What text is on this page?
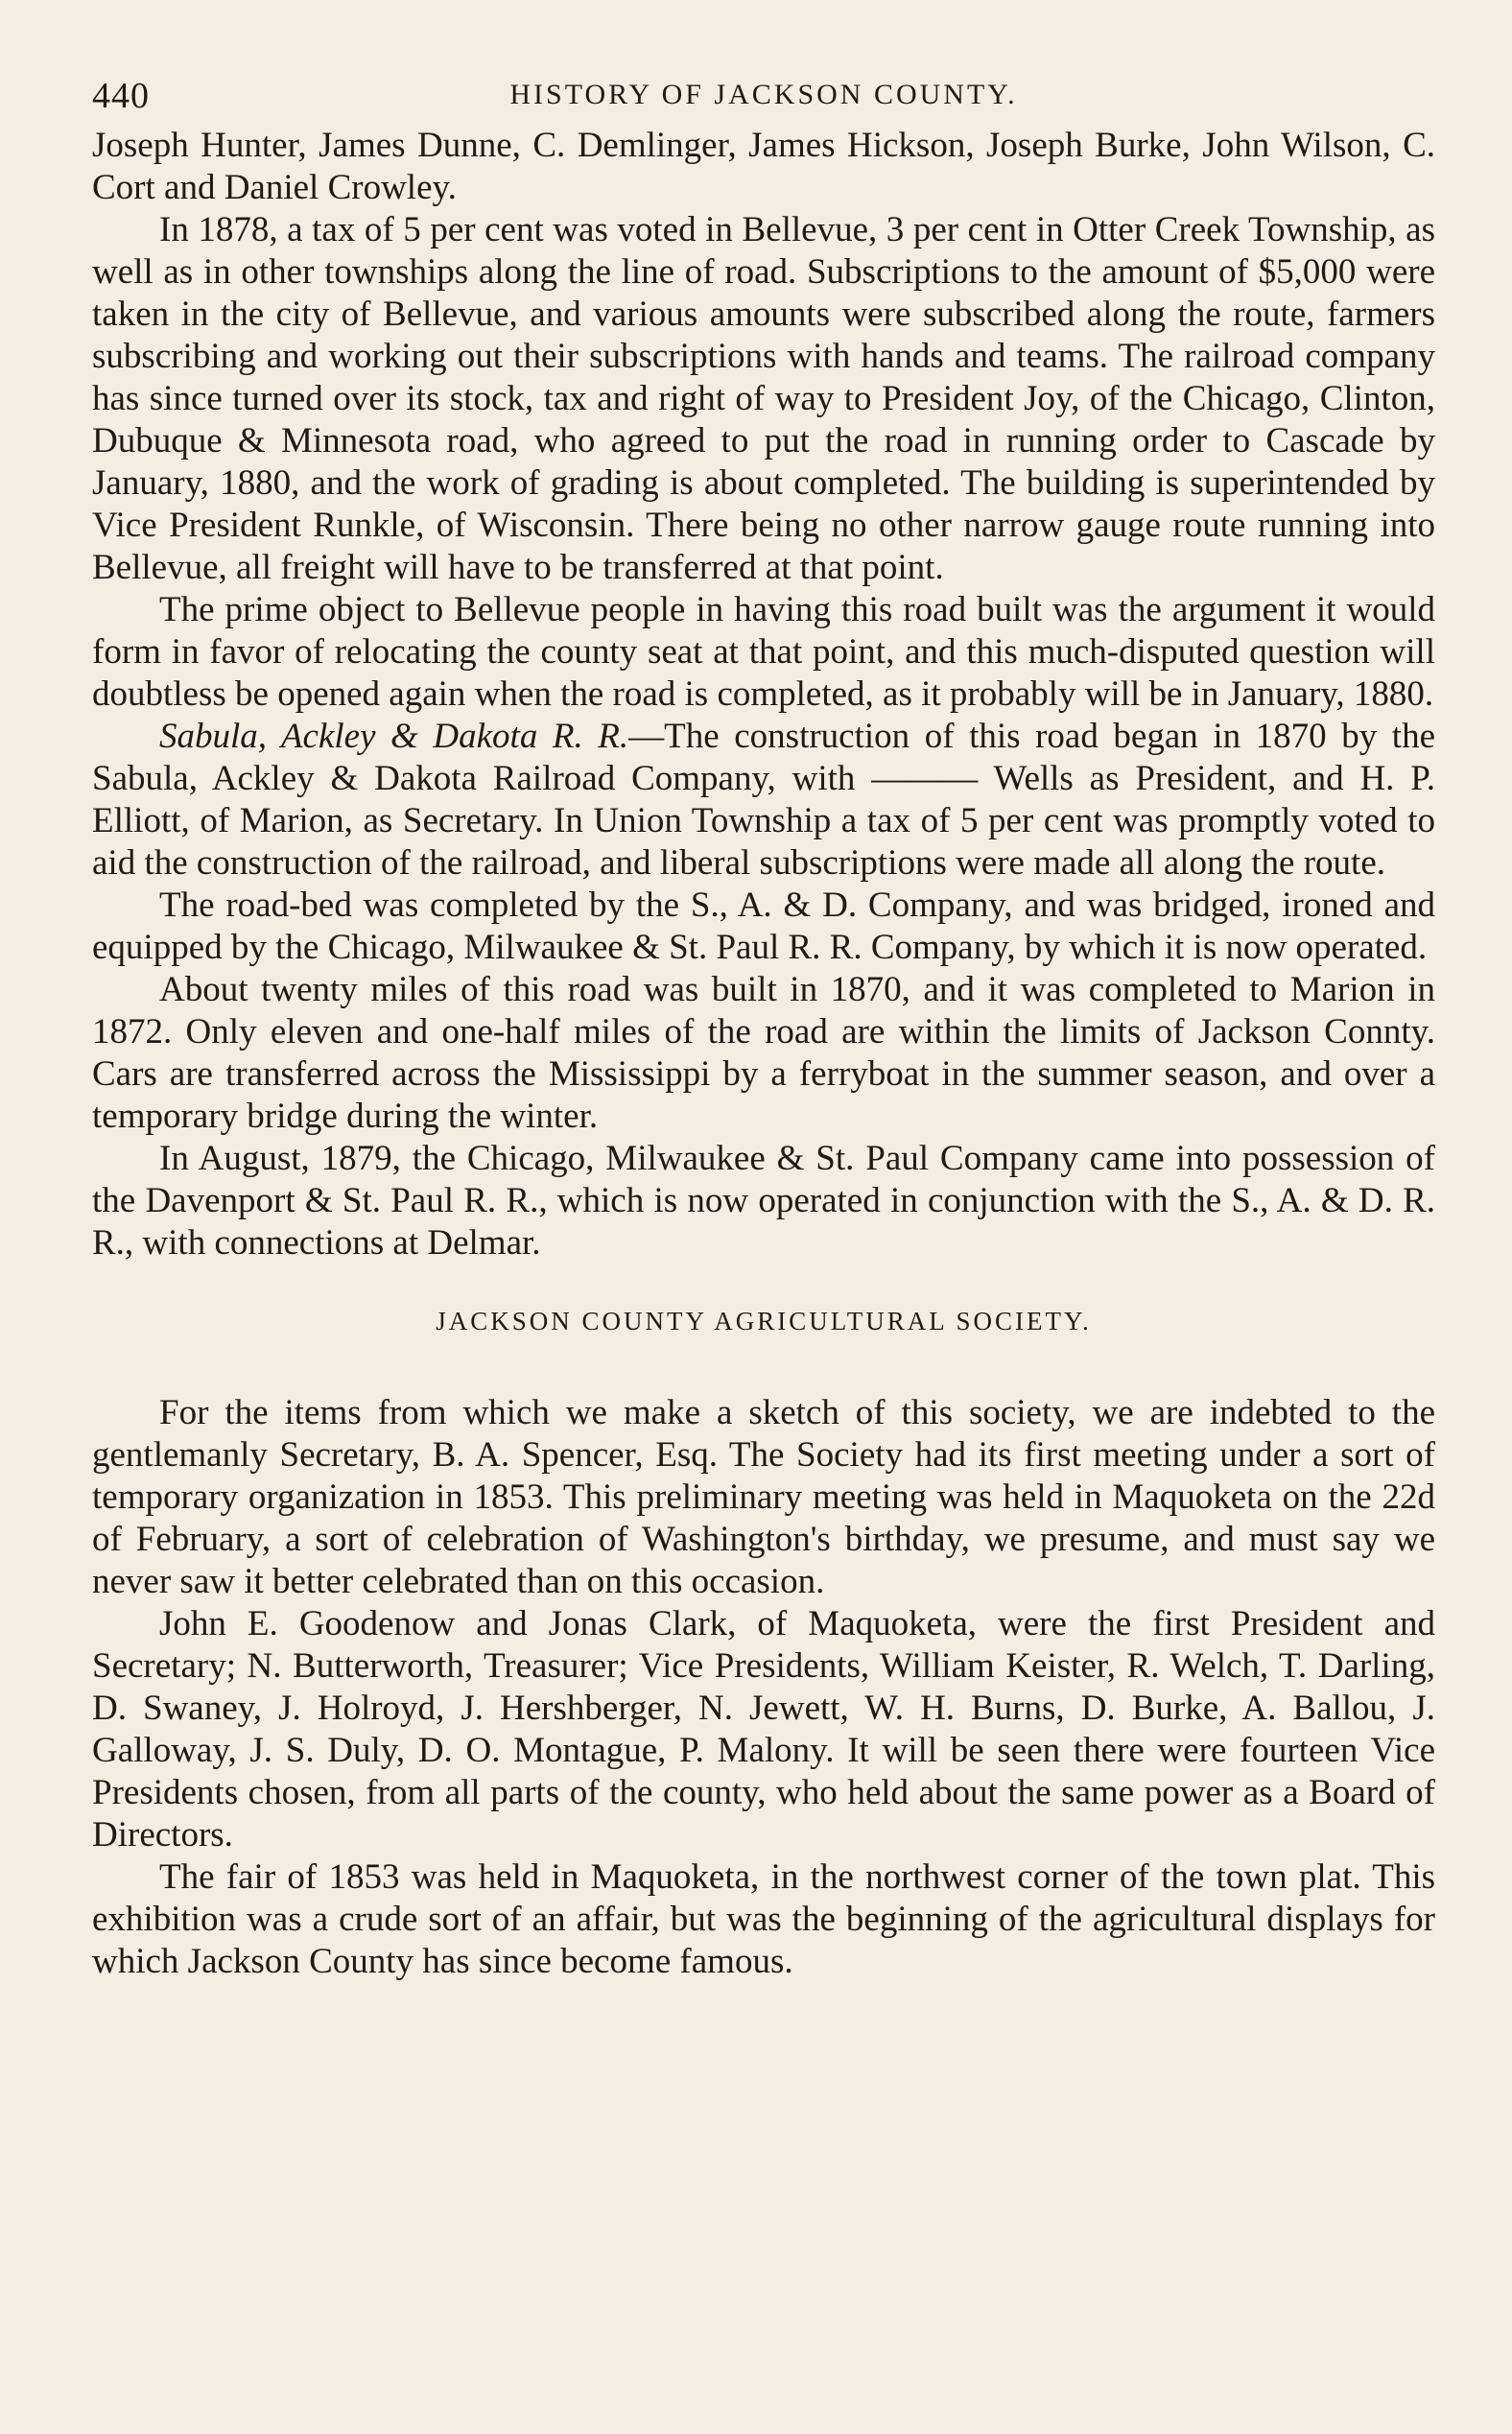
440	HISTORY OF JACKSON COUNTY.

Joseph Hunter, James Dunne, C. Demlinger, James Hickson, Joseph Burke, John Wilson, C. Cort and Daniel Crowley.

In 1878, a tax of 5 per cent was voted in Bellevue, 3 per cent in Otter Creek Township, as well as in other townships along the line of road. Subscriptions to the amount of $5,000 were taken in the city of Bellevue, and various amounts were subscribed along the route, farmers subscribing and working out their subscriptions with hands and teams. The railroad company has since turned over its stock, tax and right of way to President Joy, of the Chicago, Clinton, Dubuque & Minnesota road, who agreed to put the road in running order to Cascade by January, 1880, and the work of grading is about completed. The building is superintended by Vice President Runkle, of Wisconsin. There being no other narrow gauge route running into Bellevue, all freight will have to be transferred at that point.

The prime object to Bellevue people in having this road built was the argument it would form in favor of relocating the county seat at that point, and this much-disputed question will doubtless be opened again when the road is completed, as it probably will be in January, 1880.

Sabula, Ackley & Dakota R. R.—The construction of this road began in 1870 by the Sabula, Ackley & Dakota Railroad Company, with ——— Wells as President, and H. P. Elliott, of Marion, as Secretary. In Union Township a tax of 5 per cent was promptly voted to aid the construction of the railroad, and liberal subscriptions were made all along the route.

The road-bed was completed by the S., A. & D. Company, and was bridged, ironed and equipped by the Chicago, Milwaukee & St. Paul R. R. Company, by which it is now operated.

About twenty miles of this road was built in 1870, and it was completed to Marion in 1872. Only eleven and one-half miles of the road are within the limits of Jackson Connty. Cars are transferred across the Mississippi by a ferryboat in the summer season, and over a temporary bridge during the winter.

In August, 1879, the Chicago, Milwaukee & St. Paul Company came into possession of the Davenport & St. Paul R. R., which is now operated in conjunction with the S., A. & D. R. R., with connections at Delmar.

JACKSON COUNTY AGRICULTURAL SOCIETY.

For the items from which we make a sketch of this society, we are indebted to the gentlemanly Secretary, B. A. Spencer, Esq. The Society had its first meeting under a sort of temporary organization in 1853. This preliminary meeting was held in Maquoketa on the 22d of February, a sort of celebration of Washington's birthday, we presume, and must say we never saw it better celebrated than on this occasion.

John E. Goodenow and Jonas Clark, of Maquoketa, were the first President and Secretary; N. Butterworth, Treasurer; Vice Presidents, William Keister, R. Welch, T. Darling, D. Swaney, J. Holroyd, J. Hershberger, N. Jewett, W. H. Burns, D. Burke, A. Ballou, J. Galloway, J. S. Duly, D. O. Montague, P. Malony. It will be seen there were fourteen Vice Presidents chosen, from all parts of the county, who held about the same power as a Board of Directors.

The fair of 1853 was held in Maquoketa, in the northwest corner of the town plat. This exhibition was a crude sort of an affair, but was the beginning of the agricultural displays for which Jackson County has since become famous.
